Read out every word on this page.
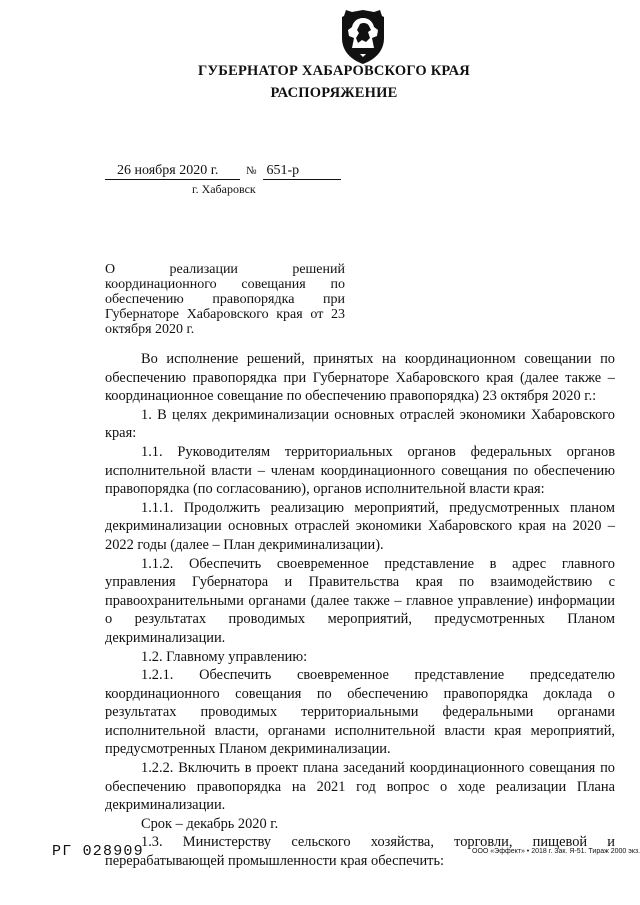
ГУБЕРНАТОР ХАБАРОВСКОГО КРАЯ
РАСПОРЯЖЕНИЕ
26 ноября 2020 г.	№ 651-р
г. Хабаровск
О реализации решений координационного совещания по обеспечению правопорядка при Губернаторе Хабаровского края от 23 октября 2020 г.

Во исполнение решений, принятых на координационном совещании по обеспечению правопорядка при Губернаторе Хабаровского края (далее также – координационное совещание по обеспечению правопорядка) 23 октября 2020 г.:

1. В целях декриминализации основных отраслей экономики Хабаровского края:

1.1. Руководителям территориальных органов федеральных органов исполнительной власти – членам координационного совещания по обеспечению правопорядка (по согласованию), органов исполнительной власти края:

1.1.1. Продолжить реализацию мероприятий, предусмотренных планом декриминализации основных отраслей экономики Хабаровского края на 2020 – 2022 годы (далее – План декриминализации).

1.1.2. Обеспечить своевременное представление в адрес главного управления Губернатора и Правительства края по взаимодействию с правоохранительными органами (далее также – главное управление) информации о результатах проводимых мероприятий, предусмотренных Планом декриминализации.

1.2. Главному управлению:

1.2.1. Обеспечить своевременное представление председателю координационного совещания по обеспечению правопорядка доклада о результатах проводимых территориальными федеральными органами исполнительной власти, органами исполнительной власти края мероприятий, предусмотренных Планом декриминализации.

1.2.2. Включить в проект плана заседаний координационного совещания по обеспечению правопорядка на 2021 год вопрос о ходе реализации Плана декриминализации.

Срок – декабрь 2020 г.

1.3. Министерству сельского хозяйства, торговли, пищевой и перерабатывающей промышленности края обеспечить:

РГ 028909	ООО «Эффект» • 2018 г. Зак. Я-51. Тираж 2000 экз.
